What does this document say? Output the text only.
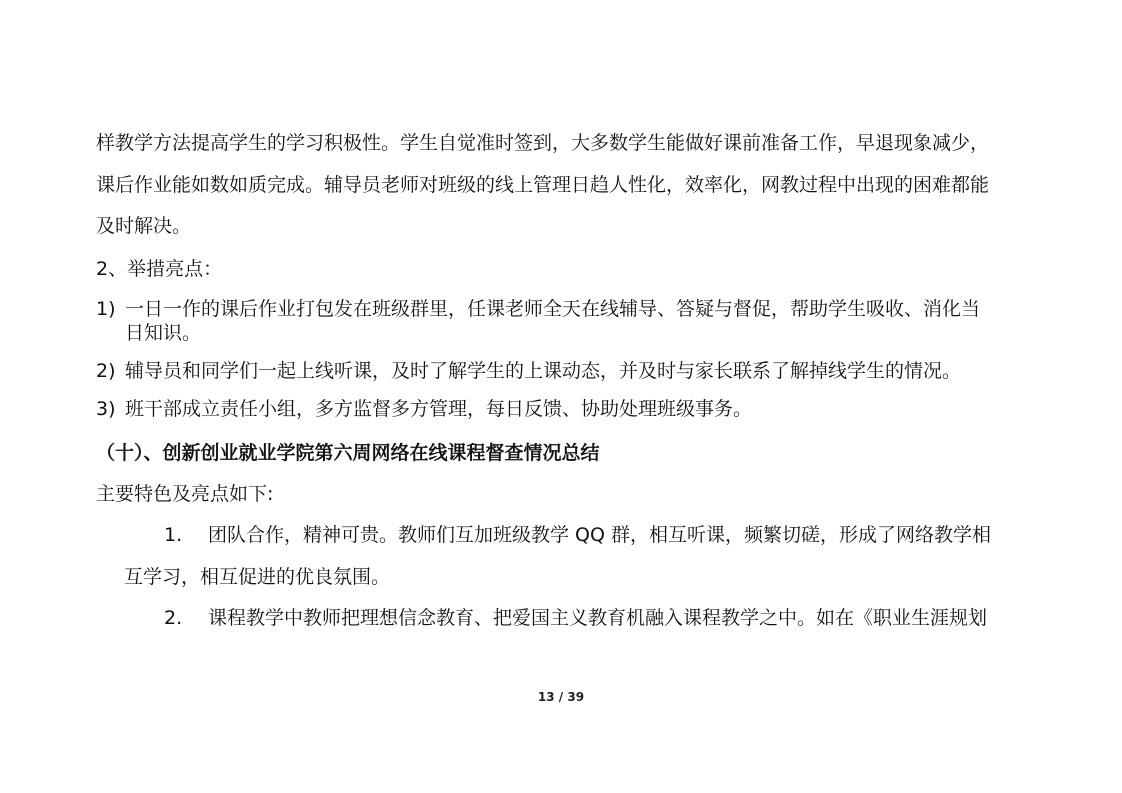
样教学方法提高学生的学习积极性。学生自觉准时签到，大多数学生能做好课前准备工作，早退现象减少，
课后作业能如数如质完成。辅导员老师对班级的线上管理日趋人性化，效率化，网教过程中出现的困难都能
及时解决。
2、举措亮点：
1) 一日一作的课后作业打包发在班级群里，任课老师全天在线辅导、答疑与督促，帮助学生吸收、消化当
日知识。
2) 辅导员和同学们一起上线听课，及时了解学生的上课动态，并及时与家长联系了解掉线学生的情况。
3) 班干部成立责任小组，多方监督多方管理，每日反馈、协助处理班级事务。
（十）、创新创业就业学院第六周网络在线课程督查情况总结
主要特色及亮点如下:
1. 团队合作，精神可贵。教师们互加班级教学 QQ 群，相互听课，频繁切磋，形成了网络教学相
互学习，相互促进的优良氛围。
2. 课程教学中教师把理想信念教育、把爱国主义教育机融入课程教学之中。如在《职业生涯规划
13 / 39
